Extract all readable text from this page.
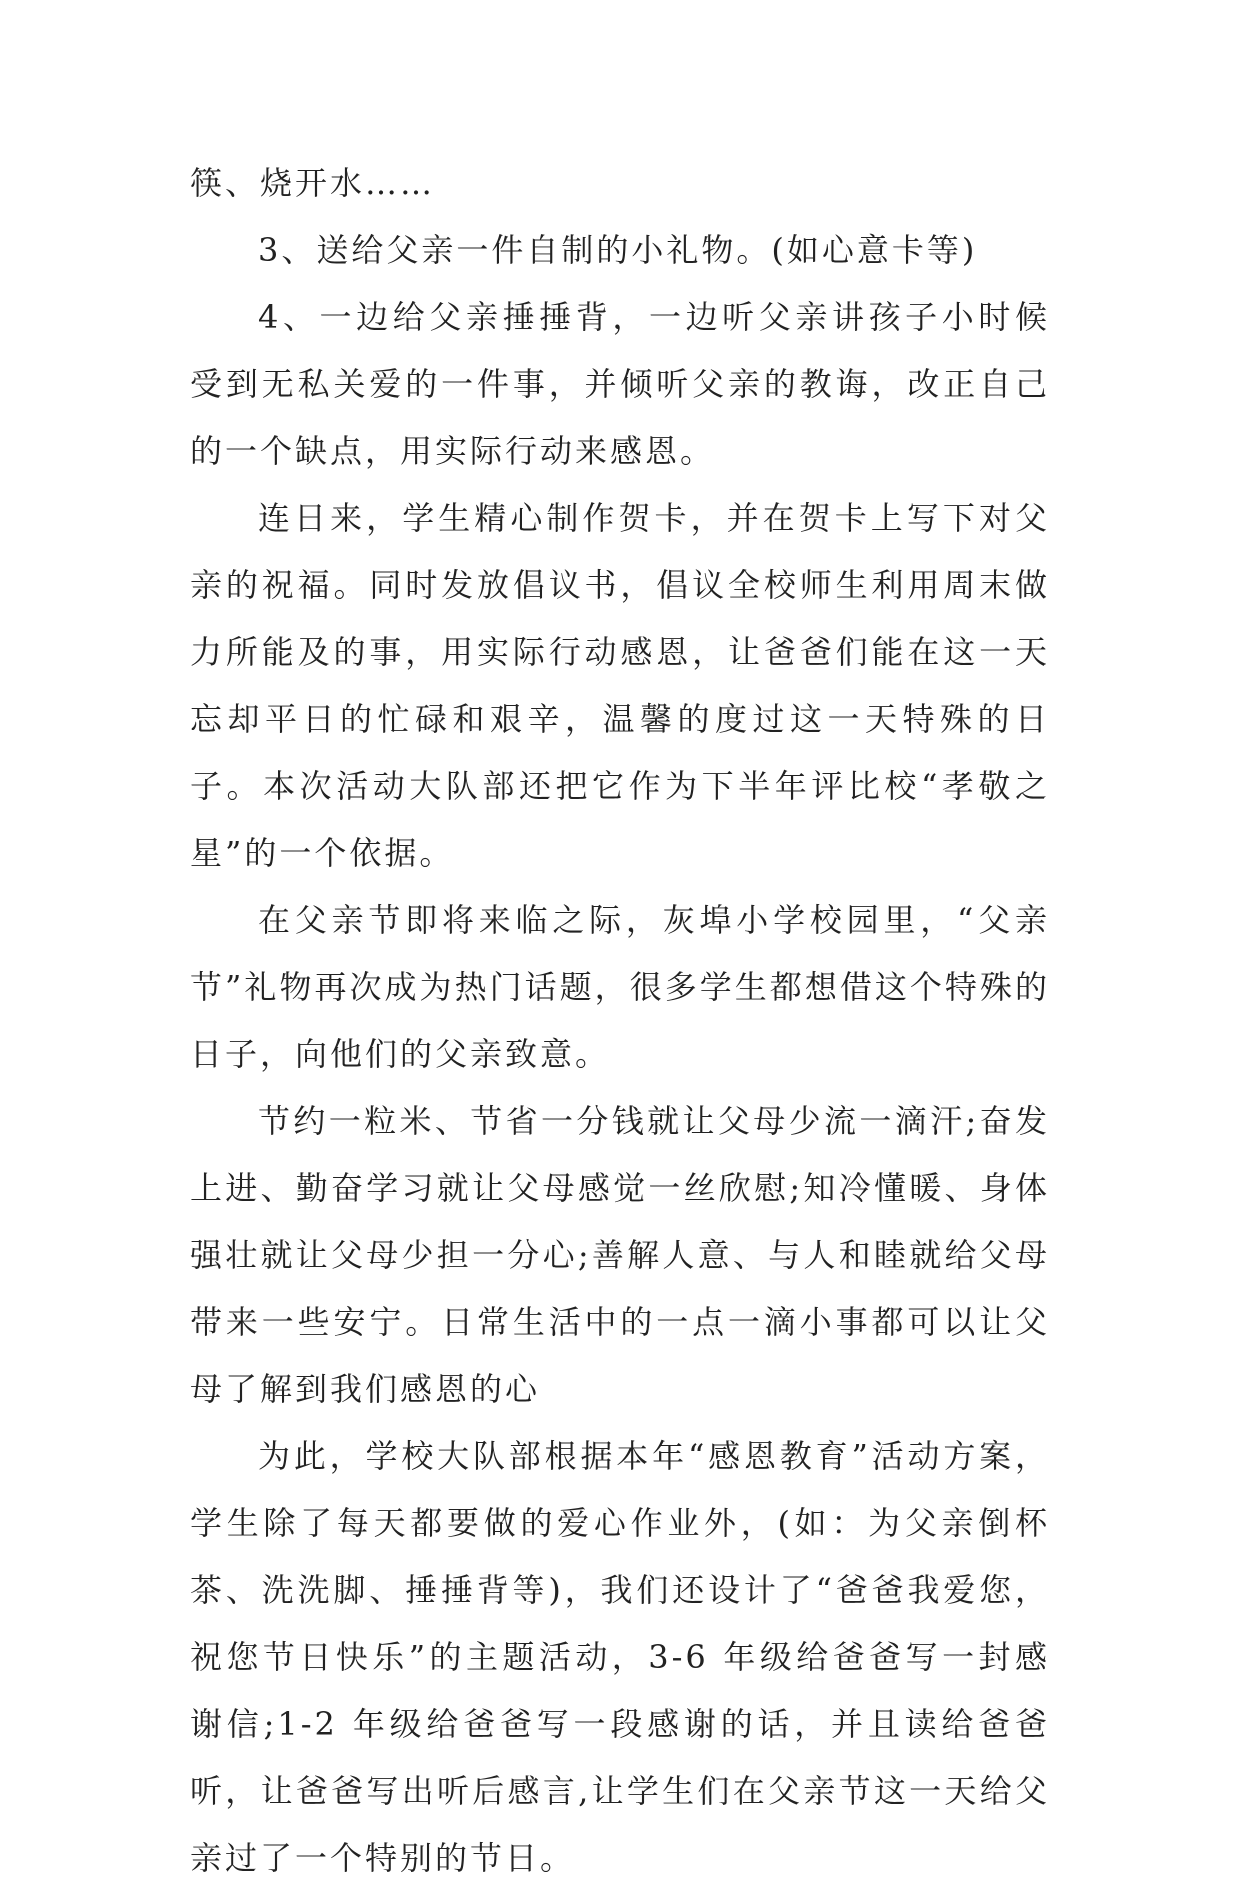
筷、烧开水……

3、送给父亲一件自制的小礼物。(如心意卡等)

4、一边给父亲捶捶背，一边听父亲讲孩子小时候受到无私关爱的一件事，并倾听父亲的教诲，改正自己的一个缺点，用实际行动来感恩。

连日来，学生精心制作贺卡，并在贺卡上写下对父亲的祝福。同时发放倡议书，倡议全校师生利用周末做力所能及的事，用实际行动感恩，让爸爸们能在这一天忘却平日的忙碌和艰辛，温馨的度过这一天特殊的日子。本次活动大队部还把它作为下半年评比校“孝敬之星”的一个依据。

在父亲节即将来临之际，灰埠小学校园里，“父亲节”礼物再次成为热门话题，很多学生都想借这个特殊的日子，向他们的父亲致意。

节约一粒米、节省一分钱就让父母少流一滴汗;奋发上进、勤奋学习就让父母感觉一丝欣慰;知冷懂暖、身体强壮就让父母少担一分心;善解人意、与人和睦就给父母带来一些安宁。日常生活中的一点一滴小事都可以让父母了解到我们感恩的心

为此，学校大队部根据本年“感恩教育”活动方案，学生除了每天都要做的爱心作业外，(如：为父亲倒杯茶、洗洗脚、捶捶背等)，我们还设计了“爸爸我爱您，祝您节日快乐”的主题活动，3-6 年级给爸爸写一封感谢信;1-2 年级给爸爸写一段感谢的话，并且读给爸爸听，让爸爸写出听后感言,让学生们在父亲节这一天给父亲过了一个特别的节日。
